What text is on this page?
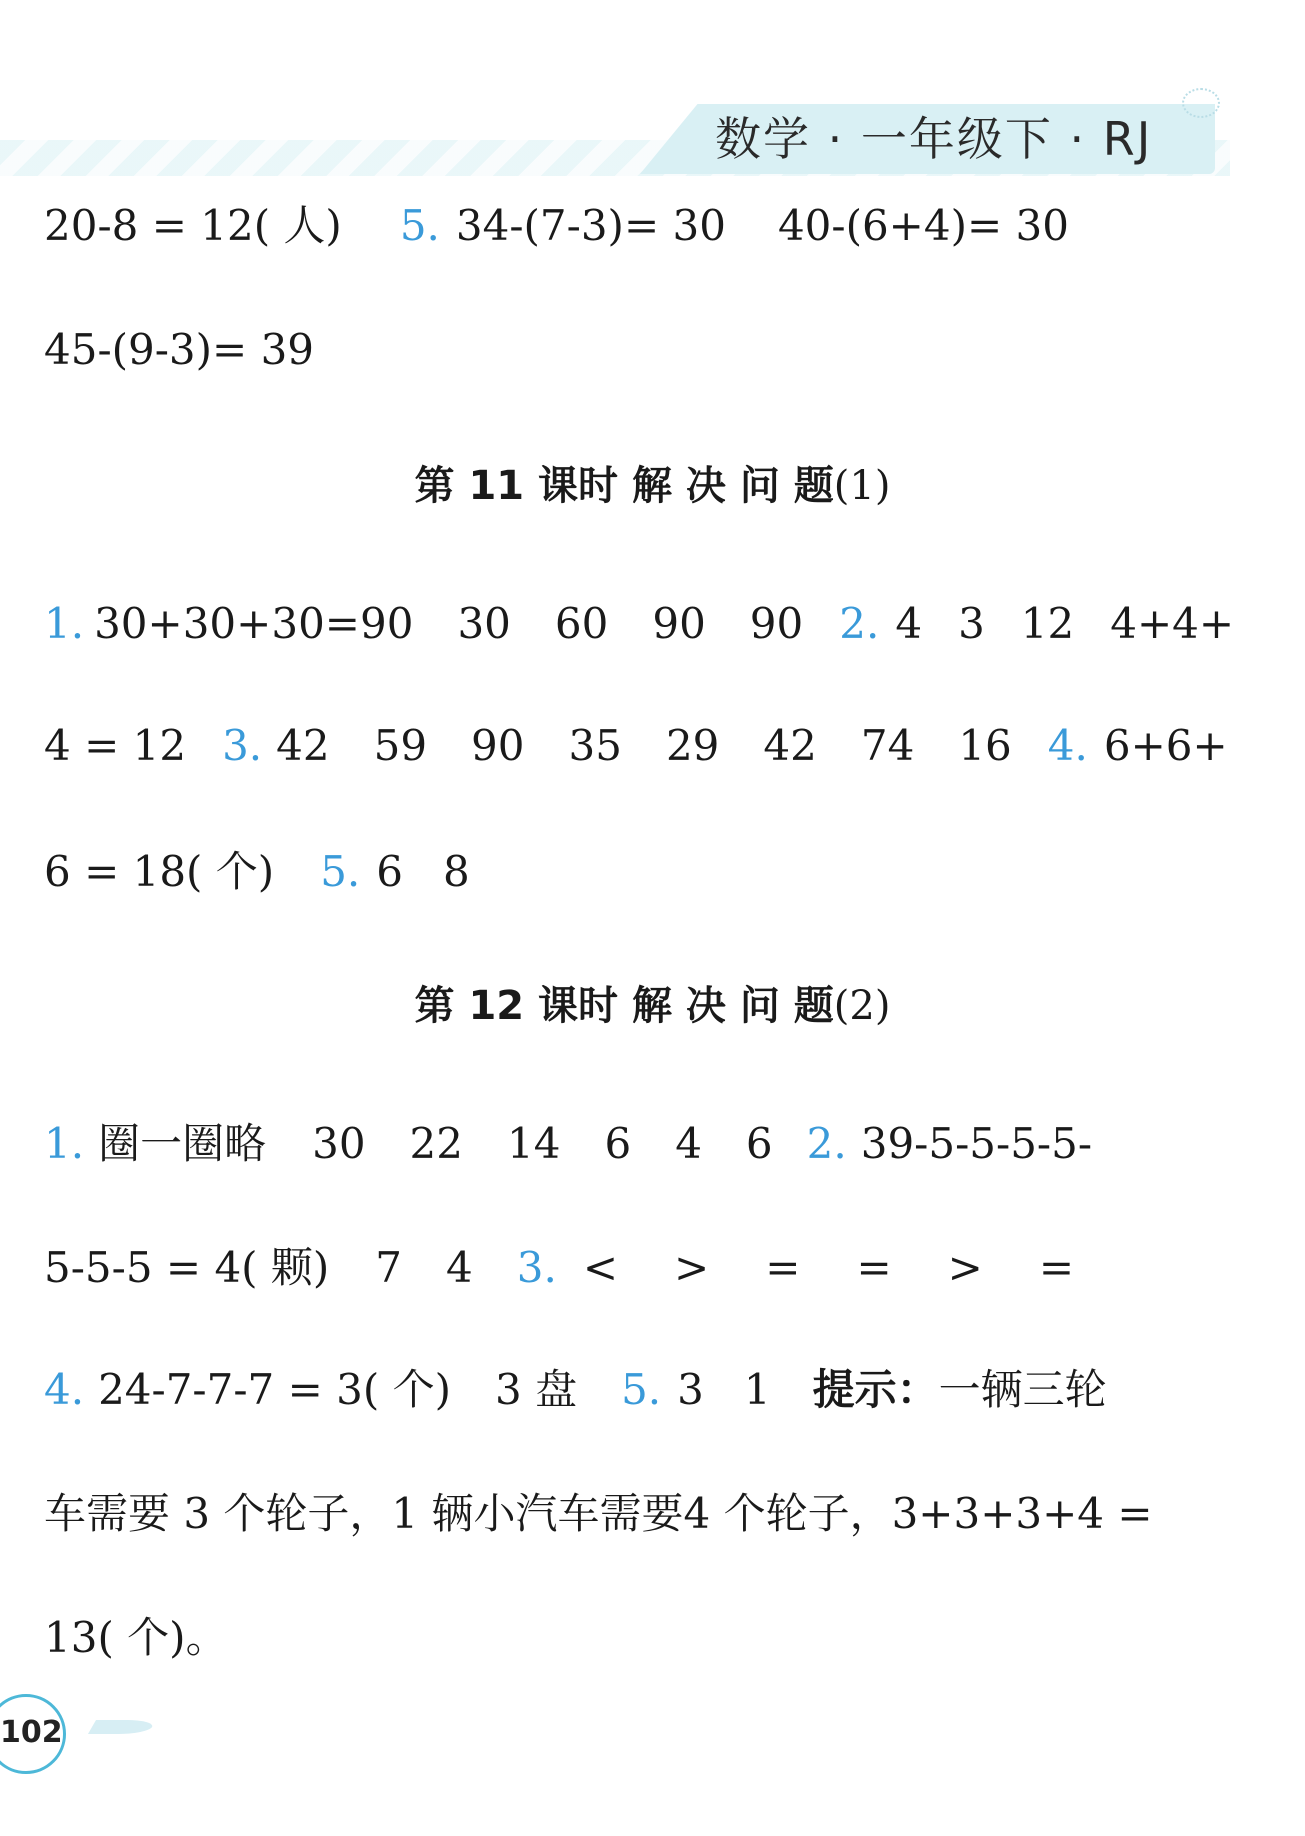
数学 · 一年级下 · RJ
20-8 = 12( 人) 5. 34-(7-3)= 30 40-(6+4)= 30
45-(9-3)= 39
第 11 课时 解 决 问 题(1)
1. 30+30+30=90 30 60 90 90 2. 4 3 12 4+4+
4 = 12 3. 42 59 90 35 29 42 74 16 4. 6+6+
6 = 18( 个) 5. 6 8
第 12 课时 解 决 问 题(2)
1. 圈一圈略 30 22 14 6 4 6 2. 39-5-5-5-5-
5-5-5 = 4( 颗) 7 4 3. < > = = > =
4. 24-7-7-7 = 3( 个) 3 盘 5. 3 1 提示：一辆三轮
车需要 3 个轮子，1 辆小汽车需要4 个轮子，3+3+3+4 =
13( 个)。
102
